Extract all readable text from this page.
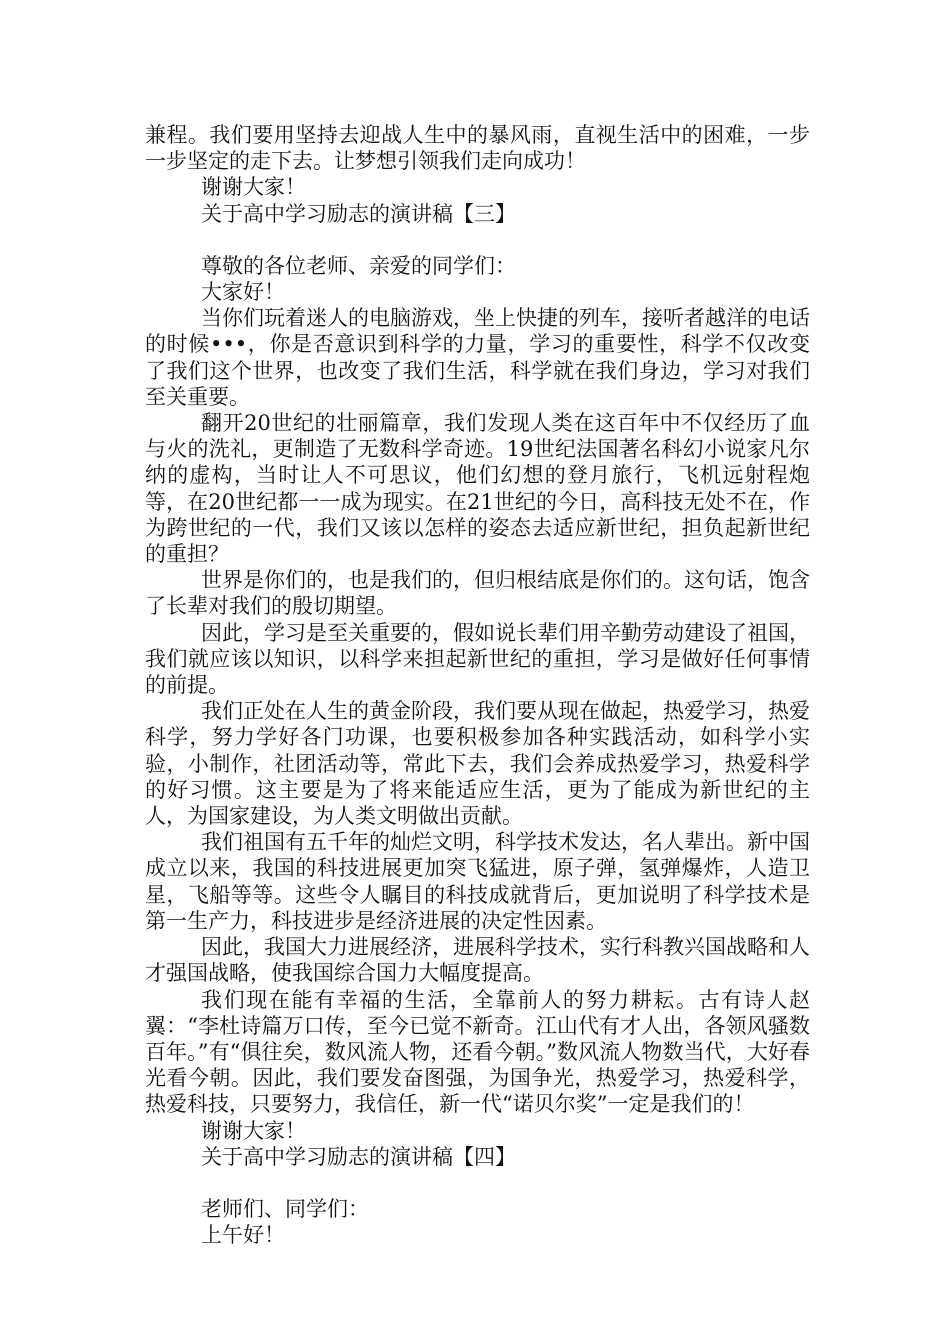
兼程。我们要用坚持去迎战人生中的暴风雨，直视生活中的困难，一步一步坚定的走下去。让梦想引领我们走向成功！

谢谢大家！

关于高中学习励志的演讲稿【三】

尊敬的各位老师、亲爱的同学们：

大家好！

当你们玩着迷人的电脑游戏，坐上快捷的列车，接听者越洋的电话的时候•••，你是否意识到科学的力量，学习的重要性，科学不仅改变了我们这个世界，也改变了我们生活，科学就在我们身边，学习对我们至关重要。

翻开20世纪的壮丽篇章，我们发现人类在这百年中不仅经历了血与火的洗礼，更制造了无数科学奇迹。19世纪法国著名科幻小说家凡尔纳的虚构，当时让人不可思议，他们幻想的登月旅行，飞机远射程炮等，在20世纪都一一成为现实。在21世纪的今日，高科技无处不在，作为跨世纪的一代，我们又该以怎样的姿态去适应新世纪，担负起新世纪的重担？

世界是你们的，也是我们的，但归根结底是你们的。这句话，饱含了长辈对我们的殷切期望。

因此，学习是至关重要的，假如说长辈们用辛勤劳动建设了祖国，我们就应该以知识，以科学来担起新世纪的重担，学习是做好任何事情的前提。

我们正处在人生的黄金阶段，我们要从现在做起，热爱学习，热爱科学，努力学好各门功课，也要积极参加各种实践活动，如科学小实验，小制作，社团活动等，常此下去，我们会养成热爱学习，热爱科学的好习惯。这主要是为了将来能适应生活，更为了能成为新世纪的主人，为国家建设，为人类文明做出贡献。

我们祖国有五千年的灿烂文明，科学技术发达，名人辈出。新中国成立以来，我国的科技进展更加突飞猛进，原子弹，氢弹爆炸，人造卫星，飞船等等。这些令人瞩目的科技成就背后，更加说明了科学技术是第一生产力，科技进步是经济进展的决定性因素。

因此，我国大力进展经济，进展科学技术，实行科教兴国战略和人才强国战略，使我国综合国力大幅度提高。

我们现在能有幸福的生活，全靠前人的努力耕耘。古有诗人赵翼：“李杜诗篇万口传，至今已觉不新奇。江山代有才人出，各领风骚数百年。”有“俱往矣，数风流人物，还看今朝。”数风流人物数当代，大好春光看今朝。因此，我们要发奋图强，为国争光，热爱学习，热爱科学，热爱科技，只要努力，我信任，新一代“诺贝尔奖”一定是我们的！

谢谢大家！

关于高中学习励志的演讲稿【四】

老师们、同学们：

上午好！
